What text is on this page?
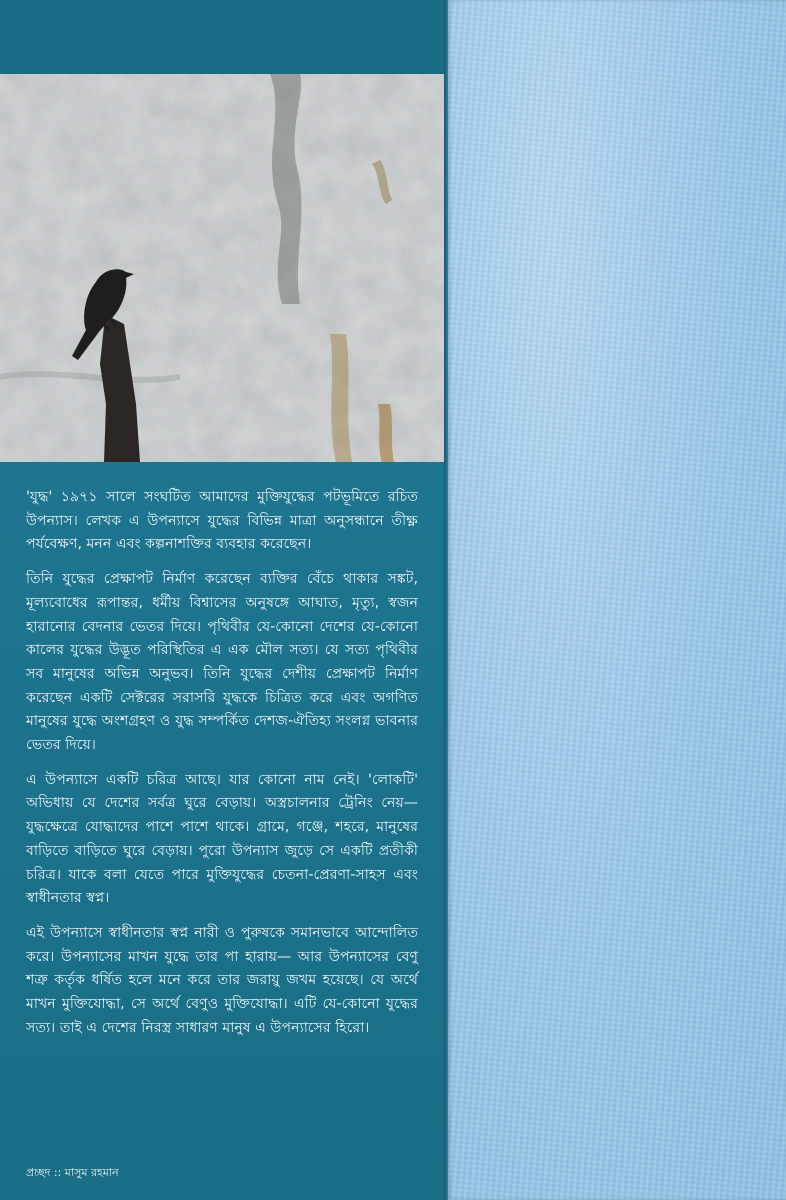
'যুদ্ধ' ১৯৭১ সালে সংঘটিত আমাদের মুক্তিযুদ্ধের পটভূমিতে রচিত উপন্যাস। লেখক এ উপন্যাসে যুদ্ধের বিভিন্ন মাত্রা অনুসন্ধানে তীক্ষ্ণ পর্যবেক্ষণ, মনন এবং কল্পনাশক্তির ব্যবহার করেছেন।

তিনি যুদ্ধের প্রেক্ষাপট নির্মাণ করেছেন ব্যক্তির বেঁচে থাকার সঙ্কট, মূল্যবোধের রূপান্তর, ধর্মীয় বিশ্বাসের অনুষঙ্গে আঘাত, মৃত্যু, স্বজন হারানোর বেদনার ভেতর দিয়ে। পৃথিবীর যে-কোনো দেশের যে-কোনো কালের যুদ্ধের উদ্ভূত পরিস্থিতির এ এক মৌল সত্য। যে সত্য পৃথিবীর সব মানুষের অভিন্ন অনুভব। তিনি যুদ্ধের দেশীয় প্রেক্ষাপট নির্মাণ করেছেন একটি সেক্টরের সরাসরি যুদ্ধকে চিত্রিত করে এবং অগণিত মানুষের যুদ্ধে অংশগ্রহণ ও যুদ্ধ সম্পর্কিত দেশজ-ঐতিহ্য সংলগ্ন ভাবনার ভেতর দিয়ে।

এ উপন্যাসে একটি চরিত্র আছে। যার কোনো নাম নেই। 'লোকটি' অভিধায় যে দেশের সর্বত্র ঘুরে বেড়ায়। অস্ত্রচালনার ট্রেনিং নেয়— যুদ্ধক্ষেত্রে যোদ্ধাদের পাশে পাশে থাকে। গ্রামে, গঞ্জে, শহরে, মানুষের বাড়িতে বাড়িতে ঘুরে বেড়ায়। পুরো উপন্যাস জুড়ে সে একটি প্রতীকী চরিত্র। যাকে বলা যেতে পারে মুক্তিযুদ্ধের চেতনা-প্রেরণা-সাহস এবং স্বাধীনতার স্বপ্ন।

এই উপন্যাসে স্বাধীনতার স্বপ্ন নারী ও পুরুষকে সমানভাবে আন্দোলিত করে। উপন্যাসের মাখন যুদ্ধে তার পা হারায়— আর উপন্যাসের বেণু শত্রু কর্তৃক ধর্ষিত হলে মনে করে তার জরায়ু জখম হয়েছে। যে অর্থে মাখন মুক্তিযোদ্ধা, সে অর্থে বেণুও মুক্তিযোদ্ধা। এটি যে-কোনো যুদ্ধের সত্য। তাই এ দেশের নিরস্ত্র সাধারণ মানুষ এ উপন্যাসের হিরো।

প্রচ্ছদ :: মাসুম রহমান
